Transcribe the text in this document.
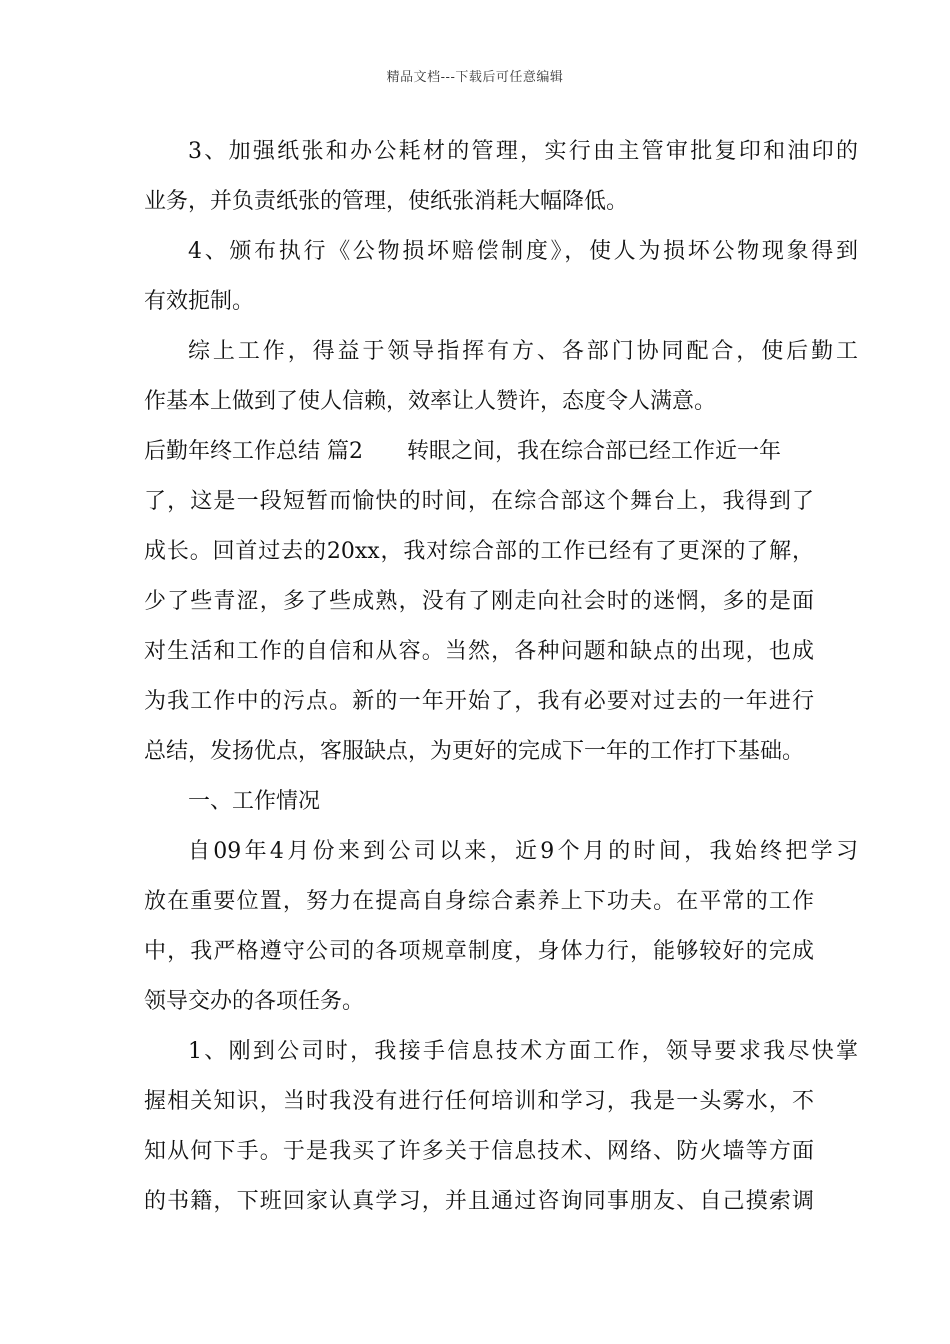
精品文档---下载后可任意编辑
3、加强纸张和办公耗材的管理，实行由主管审批复印和油印的
业务，并负责纸张的管理，使纸张消耗大幅降低。
4、颁布执行《公物损坏赔偿制度》，使人为损坏公物现象得到
有效扼制。
综上工作，得益于领导指挥有方、各部门协同配合，使后勤工
作基本上做到了使人信赖，效率让人赞许，态度令人满意。
后勤年终工作总结 篇2 转眼之间，我在综合部已经工作近一年
了，这是一段短暂而愉快的时间，在综合部这个舞台上，我得到了
成长。回首过去的20xx，我对综合部的工作已经有了更深的了解，
少了些青涩，多了些成熟，没有了刚走向社会时的迷惘，多的是面
对生活和工作的自信和从容。当然，各种问题和缺点的出现，也成
为我工作中的污点。新的一年开始了，我有必要对过去的一年进行
总结，发扬优点，客服缺点，为更好的完成下一年的工作打下基础。
一、工作情况
自09年4月份来到公司以来，近9个月的时间，我始终把学习
放在重要位置，努力在提高自身综合素养上下功夫。在平常的工作
中，我严格遵守公司的各项规章制度，身体力行，能够较好的完成
领导交办的各项任务。
1、刚到公司时，我接手信息技术方面工作，领导要求我尽快掌
握相关知识，当时我没有进行任何培训和学习，我是一头雾水，不
知从何下手。于是我买了许多关于信息技术、网络、防火墙等方面
的书籍，下班回家认真学习，并且通过咨询同事朋友、自己摸索调
